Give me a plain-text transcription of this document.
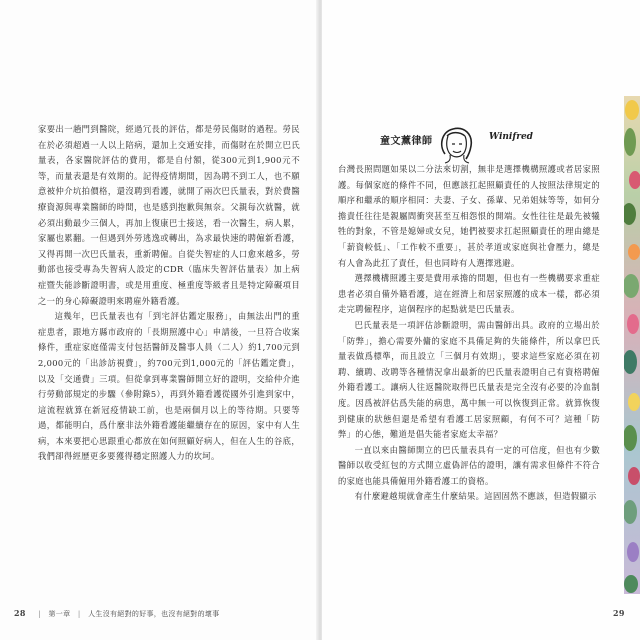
家要出一趟門到醫院，經過冗長的評估，都是勞民傷財的過程。勞民在於必須超過一人以上陪病，還加上交通安排，而傷財在於開立巴氏量表，各家醫院評估的費用，都是自付額，從300元到1,900元不等，而量表還是有效期的。記得疫情期間，因為聘不到工人，也不願意被仲介坑拍價格，還沒聘到看護，就開了兩次巴氏量表，對於費醫療資源與專業醫師的時間，也是感到抱歉與無奈。父親每次就醫，就必須出動最少三個人，再加上復康巴士接送，看一次醫生，病人累，家屬也累翻。一但遇到外勞逃逸或轉出，為求最快速的聘僱新看護，又得再開一次巴氏量表，重新聘僱。自從失智症的人口愈來越多，勞動部也接受專為失智病人設定的CDR（臨床失智評估量表）加上病症暨失能診斷證明書，或是用重度、極重度等級者且是特定障礙項目之一的身心障礙證明來聘雇外籍看護。

這幾年，巴氏量表也有「到宅評估鑑定服務」，由無法出門的重症患者，跟地方縣市政府的「長期照護中心」申請後，一旦符合收案條件，重症家庭僅需支付包括醫師及醫事人員（二人）約1,700元到2,000元的「出診訪視費」，約700元到1,000元的「評估鑑定費」，以及「交通費」三項。但從拿到專業醫師開立好的證明，交給仲介進行勞動部規定的步驟（參附錄5），再到外籍看護從國外引進到家中，這流程就算在新冠疫情缺工前，也是兩個月以上的等待期。只要等過，都能明白，爲什麼非法外籍看護能繼續存在的原因，家中有人生病，本來要把心思跟重心都放在如何照顧好病人，但在人生的谷底，我們卻得經歷更多要獲得穩定照護人力的坎坷。

28 | 第一章 | 人生沒有絕對的好事，也沒有絕對的壞事
童文薰律師	Winifred

台灣長照問題如果以二分法來切割，無非是選擇機構照護或者居家照護。每個家庭的條件不同，但應該扛起照顧責任的人按照法律規定的順序和繼承的順序相同：夫妻、子女、孫輩、兄弟姐妹等等，如何分擔責任往往是親屬間衝突甚至互相怨恨的開端。女性往往是最先被犧牲的對象，不管是媳婦或女兒，她們被要求扛起照顧責任的理由總是「薪資較低」、「工作較不重要」，甚於孝道或家庭與社會壓力，總是有人會為此扛了責任，但也同時有人選擇逃避。

選擇機構照護主要是費用承擔的問題，但也有一些機構要求重症患者必須自備外籍看護，這在經濟上和居家照護的成本一樣，都必須走完聘僱程序，這個程序的起點就是巴氏量表。

巴氏量表是一項評估診斷證明，需由醫師出具。政府的立場出於「防弊」，擔心需要外傭的家庭不具備足夠的失能條件，所以拿巴氏量表做爲標準，而且設立「三個月有效期」，要求這些家庭必須在初聘、續聘、改聘等各種情況拿出最新的巴氏量表證明自己有資格聘僱外籍看護工。讓病人往返醫院取得巴氏量表是完全沒有必要的冷血制度。因爲被評估爲失能的病患，萬中無一可以恢復到正常。就算恢復到健康的狀態但還是希望有看護工居家照顧，有何不可？這種「防弊」的心態，難道是倡失能者家庭太幸福？

一直以來由醫師開立的巴氏量表具有一定的可信度，但也有少數醫師以收受紅包的方式開立虛偽評估的證明，讓有需求但條件不符合的家庭也能具備僱用外籍看護工的資格。

有什麼避越規就會產生什麼結果。這固固然不應該，但造假顯示

29
